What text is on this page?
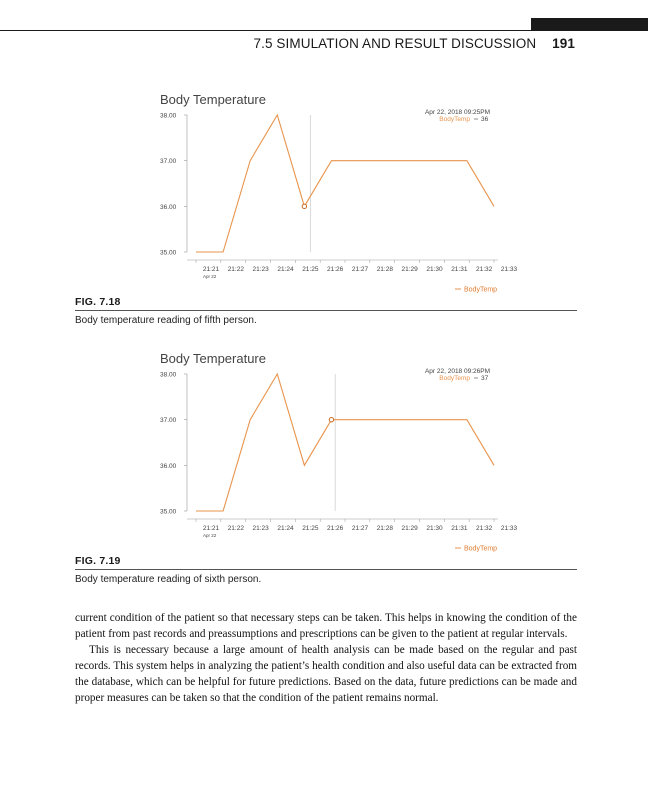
7.5 SIMULATION AND RESULT DISCUSSION 191
Body Temperature
38.00
37.00
36.00
35.00
21:21 21:22 21:23 21:24 21:25 21:26 21:27 21:28 21:29 21:30 21:31 21:32 21:33
Apr 22
Apr 22, 2018 09:25PM
BodyTemp 36
BodyTemp
FIG. 7.18
Body temperature reading of fifth person.
Body Temperature
38.00
37.00
36.00
35.00
21:21 21:22 21:23 21:24 21:25 21:26 21:27 21:28 21:29 21:30 21:31 21:32 21:33
Apr 22
Apr 22, 2018 09:26PM
BodyTemp 37
BodyTemp
FIG. 7.19
Body temperature reading of sixth person.

current condition of the patient so that necessary steps can be taken. This helps in knowing the condition of the patient from past records and preassumptions and prescriptions can be given to the patient at regular intervals.

This is necessary because a large amount of health analysis can be made based on the regular and past records. This system helps in analyzing the patient’s health condition and also useful data can be extracted from the database, which can be helpful for future predictions. Based on the data, future predictions can be made and proper measures can be taken so that the condition of the patient remains normal.
